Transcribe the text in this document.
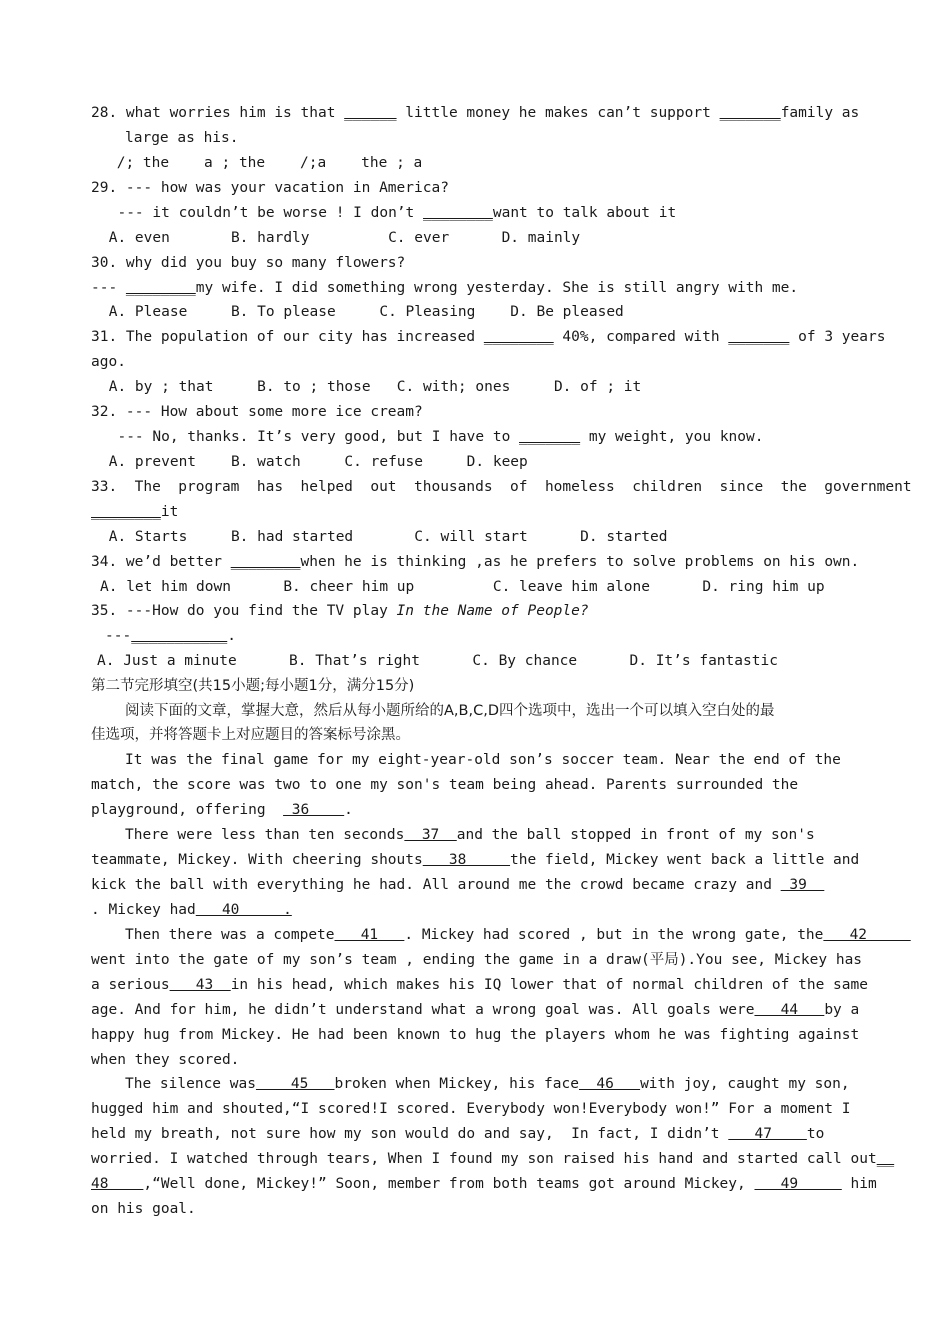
28. what worries him is that ______ little money he makes can’t support _______family as
large as his.
/; the    a ; the    /;a    the ; a
29. --- how was your vacation in America?
--- it couldn’t be worse ! I don’t ________want to talk about it
A. even       B. hardly         C. ever      D. mainly
30. why did you buy so many flowers?
--- ________my wife. I did something wrong yesterday. She is still angry with me.
A. Please     B. To please     C. Pleasing    D. Be pleased
31. The population of our city has increased ________ 40%, compared with _______ of 3 years
ago.
A. by ; that     B. to ; those   C. with; ones     D. of ; it
32. --- How about some more ice cream?
--- No, thanks. It’s very good, but I have to _______ my weight, you know.
A. prevent    B. watch     C. refuse     D. keep
33.  The  program  has  helped  out  thousands  of  homeless  children  since  the  government
________it
A. Starts     B. had started       C. will start      D. started
34. we’d better ________when he is thinking ,as he prefers to solve problems on his own.
A. let him down      B. cheer him up         C. leave him alone      D. ring him up
35. ---How do you find the TV play In the Name of People?
---___________.
A. Just a minute      B. That’s right      C. By chance      D. It’s fantastic
第二节完形填空(共15小题;每小题1分，满分15分)
阅读下面的文章，掌握大意，然后从每小题所给的A,B,C,D四个选项中，选出一个可以填入空白处的最
佳选项，并将答题卡上对应题目的答案标号涂黑。
It was the final game for my eight-year-old son’s soccer team. Near the end of the
match, the score was two to one my son's team being ahead. Parents surrounded the
playground, offering   36    .
There were less than ten seconds  37  and the ball stopped in front of my son's
teammate, Mickey. With cheering shouts   38     the field, Mickey went back a little and
kick the ball with everything he had. All around me the crowd became crazy and  39
. Mickey had   40     .
Then there was a compete   41   . Mickey had scored , but in the wrong gate, the   42
went into the gate of my son’s team , ending the game in a draw(平局).You see, Mickey has
a serious   43  in his head, which makes his IQ lower that of normal children of the same
age. And for him, he didn’t understand what a wrong goal was. All goals were   44   by a
happy hug from Mickey. He had been known to hug the players whom he was fighting against
when they scored.
The silence was    45   broken when Mickey, his face  46   with joy, caught my son,
hugged him and shouted,“I scored!I scored. Everybody won!Everybody won!” For a moment I
held my breath, not sure how my son would do and say,  In fact, I didn’t    47    to
worried. I watched through tears, When I found my son raised his hand and started call out__
48    ,“Well done, Mickey!” Soon, member from both teams got around Mickey,    49      him
on his goal.
